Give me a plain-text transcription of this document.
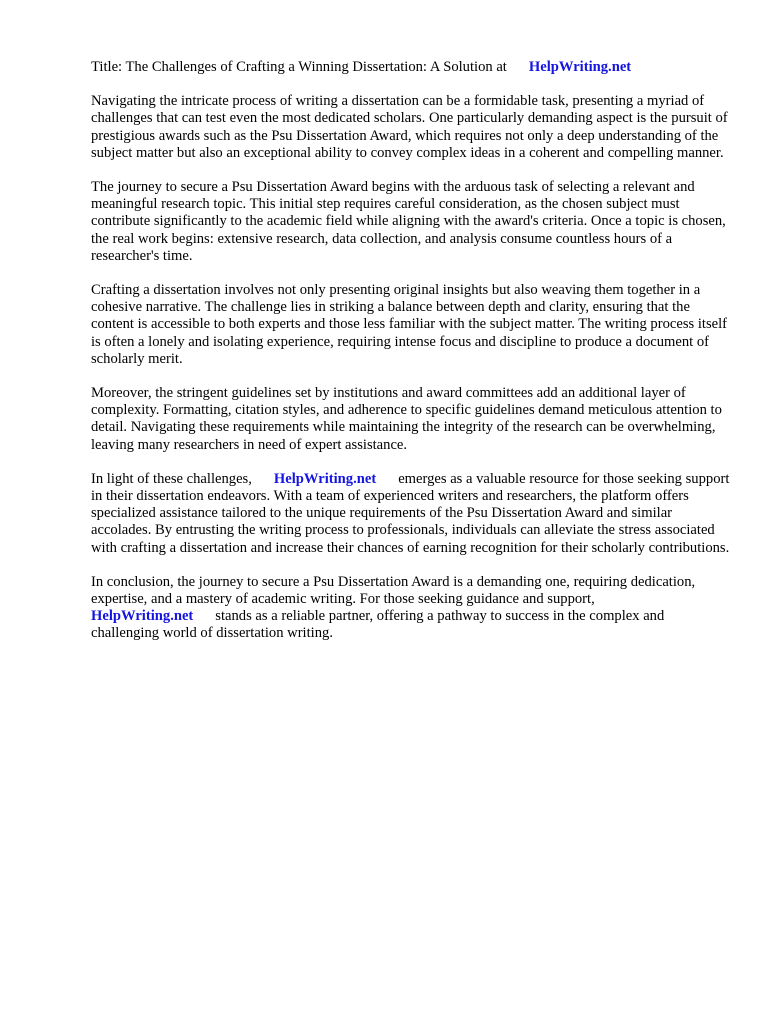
Title: The Challenges of Crafting a Winning Dissertation: A Solution at HelpWriting.net

Navigating the intricate process of writing a dissertation can be a formidable task, presenting a myriad of challenges that can test even the most dedicated scholars. One particularly demanding aspect is the pursuit of prestigious awards such as the Psu Dissertation Award, which requires not only a deep understanding of the subject matter but also an exceptional ability to convey complex ideas in a coherent and compelling manner.

The journey to secure a Psu Dissertation Award begins with the arduous task of selecting a relevant and meaningful research topic. This initial step requires careful consideration, as the chosen subject must contribute significantly to the academic field while aligning with the award's criteria. Once a topic is chosen, the real work begins: extensive research, data collection, and analysis consume countless hours of a researcher's time.

Crafting a dissertation involves not only presenting original insights but also weaving them together in a cohesive narrative. The challenge lies in striking a balance between depth and clarity, ensuring that the content is accessible to both experts and those less familiar with the subject matter. The writing process itself is often a lonely and isolating experience, requiring intense focus and discipline to produce a document of scholarly merit.

Moreover, the stringent guidelines set by institutions and award committees add an additional layer of complexity. Formatting, citation styles, and adherence to specific guidelines demand meticulous attention to detail. Navigating these requirements while maintaining the integrity of the research can be overwhelming, leaving many researchers in need of expert assistance.

In light of these challenges, HelpWriting.net emerges as a valuable resource for those seeking support in their dissertation endeavors. With a team of experienced writers and researchers, the platform offers specialized assistance tailored to the unique requirements of the Psu Dissertation Award and similar accolades. By entrusting the writing process to professionals, individuals can alleviate the stress associated with crafting a dissertation and increase their chances of earning recognition for their scholarly contributions.

In conclusion, the journey to secure a Psu Dissertation Award is a demanding one, requiring dedication, expertise, and a mastery of academic writing. For those seeking guidance and support, HelpWriting.net stands as a reliable partner, offering a pathway to success in the complex and challenging world of dissertation writing.
